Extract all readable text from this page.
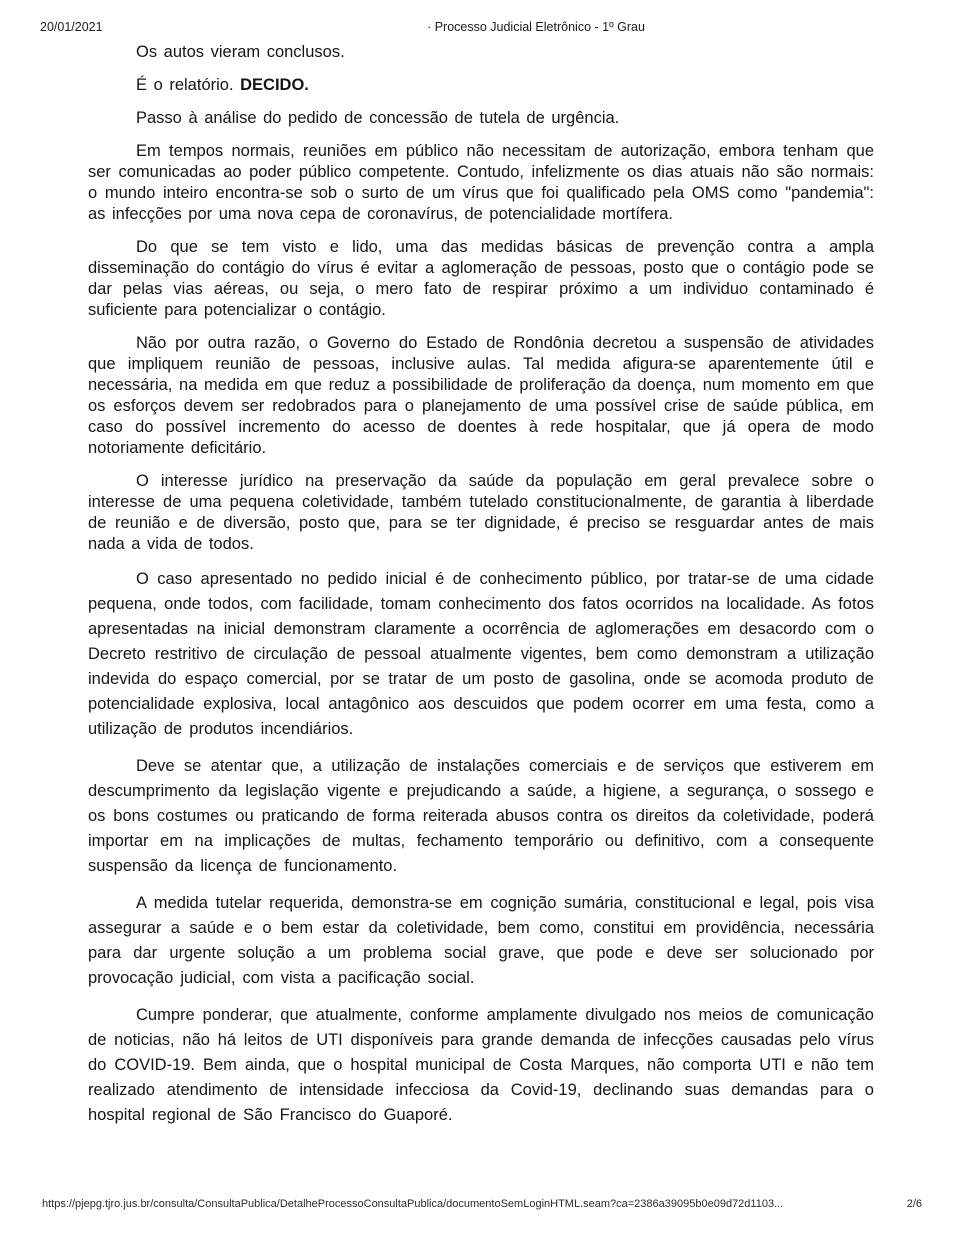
20/01/2021	· Processo Judicial Eletrônico - 1º Grau

Os autos vieram conclusos.

É o relatório. DECIDO.

Passo à análise do pedido de concessão de tutela de urgência.

Em tempos normais, reuniões em público não necessitam de autorização, embora tenham que ser comunicadas ao poder público competente. Contudo, infelizmente os dias atuais não são normais: o mundo inteiro encontra-se sob o surto de um vírus que foi qualificado pela OMS como "pandemia": as infecções por uma nova cepa de coronavírus, de potencialidade mortífera.

Do que se tem visto e lido, uma das medidas básicas de prevenção contra a ampla disseminação do contágio do vírus é evitar a aglomeração de pessoas, posto que o contágio pode se dar pelas vias aéreas, ou seja, o mero fato de respirar próximo a um individuo contaminado é suficiente para potencializar o contágio.

Não por outra razão, o Governo do Estado de Rondônia decretou a suspensão de atividades que impliquem reunião de pessoas, inclusive aulas. Tal medida afigura-se aparentemente útil e necessária, na medida em que reduz a possibilidade de proliferação da doença, num momento em que os esforços devem ser redobrados para o planejamento de uma possível crise de saúde pública, em caso do possível incremento do acesso de doentes à rede hospitalar, que já opera de modo notoriamente deficitário.

O interesse jurídico na preservação da saúde da população em geral prevalece sobre o interesse de uma pequena coletividade, também tutelado constitucionalmente, de garantia à liberdade de reunião e de diversão, posto que, para se ter dignidade, é preciso se resguardar antes de mais nada a vida de todos.

O caso apresentado no pedido inicial é de conhecimento público, por tratar-se de uma cidade pequena, onde todos, com facilidade, tomam conhecimento dos fatos ocorridos na localidade. As fotos apresentadas na inicial demonstram claramente a ocorrência de aglomerações em desacordo com o Decreto restritivo de circulação de pessoal atualmente vigentes, bem como demonstram a utilização indevida do espaço comercial, por se tratar de um posto de gasolina, onde se acomoda produto de potencialidade explosiva, local antagônico aos descuidos que podem ocorrer em uma festa, como a utilização de produtos incendiários.

Deve se atentar que, a utilização de instalações comerciais e de serviços que estiverem em descumprimento da legislação vigente e prejudicando a saúde, a higiene, a segurança, o sossego e os bons costumes ou praticando de forma reiterada abusos contra os direitos da coletividade, poderá importar em na implicações de multas, fechamento temporário ou definitivo, com a consequente suspensão da licença de funcionamento.

A medida tutelar requerida, demonstra-se em cognição sumária, constitucional e legal, pois visa assegurar a saúde e o bem estar da coletividade, bem como, constitui em providência, necessária para dar urgente solução a um problema social grave, que pode e deve ser solucionado por provocação judicial, com vista a pacificação social.

Cumpre ponderar, que atualmente, conforme amplamente divulgado nos meios de comunicação de noticias, não há leitos de UTI disponíveis para grande demanda de infecções causadas pelo vírus do COVID-19. Bem ainda, que o hospital municipal de Costa Marques, não comporta UTI e não tem realizado atendimento de intensidade infecciosa da Covid-19, declinando suas demandas para o hospital regional de São Francisco do Guaporé.

https://pjepg.tjro.jus.br/consulta/ConsultaPublica/DetalheProcessoConsultaPublica/documentoSemLoginHTML.seam?ca=2386a39095b0e09d72d1103...	2/6
